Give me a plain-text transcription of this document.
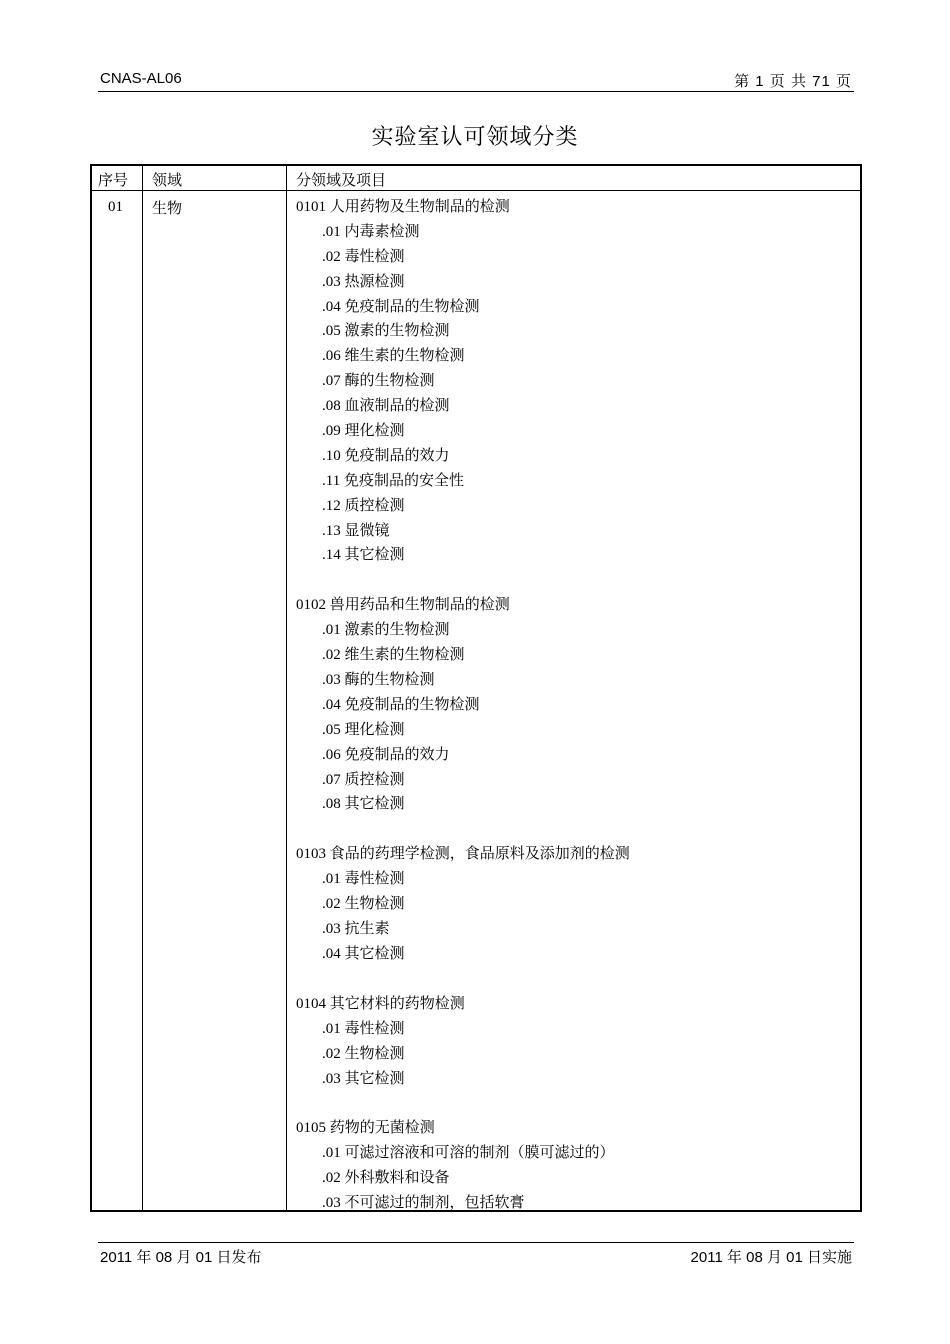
CNAS-AL06	第 1 页 共 71 页
实验室认可领域分类
序号 领域	分领域及项目
01 生物	0101 人用药物及生物制品的检测
.01 内毒素检测
.02 毒性检测
.03 热源检测
.04 免疫制品的生物检测
.05 激素的生物检测
.06 维生素的生物检测
.07 酶的生物检测
.08 血液制品的检测
.09 理化检测
.10 免疫制品的效力
.11 免疫制品的安全性
.12 质控检测
.13 显微镜
.14 其它检测
0102 兽用药品和生物制品的检测
.01 激素的生物检测
.02 维生素的生物检测
.03 酶的生物检测
.04 免疫制品的生物检测
.05 理化检测
.06 免疫制品的效力
.07 质控检测
.08 其它检测
0103 食品的药理学检测，食品原料及添加剂的检测
.01 毒性检测
.02 生物检测
.03 抗生素
.04 其它检测
0104 其它材料的药物检测
.01 毒性检测
.02 生物检测
.03 其它检测
0105 药物的无菌检测
.01 可滤过溶液和可溶的制剂（膜可滤过的）
.02 外科敷料和设备
.03 不可滤过的制剂，包括软膏
2011 年 08 月 01 日发布	2011 年 08 月 01 日实施
